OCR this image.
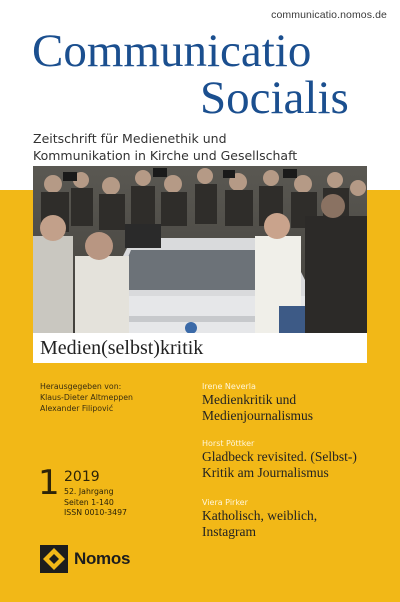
communicatio.nomos.de
Communicatio
Socialis
Zeitschrift für Medienethik und
Kommunikation in Kirche und Gesellschaft
Medien(selbst)kritik
Herausgegeben von:
Klaus-Dieter Altmeppen
Alexander Filipović
1 2019
52. Jahrgang
Seiten 1-140
ISSN 0010-3497
Irene Neverla
Medienkritik und
Medienjournalismus
Horst Pöttker
Gladbeck revisited. (Selbst-)
Kritik am Journalismus
Viera Pirker
Katholisch, weiblich,
Instagram
Nomos
